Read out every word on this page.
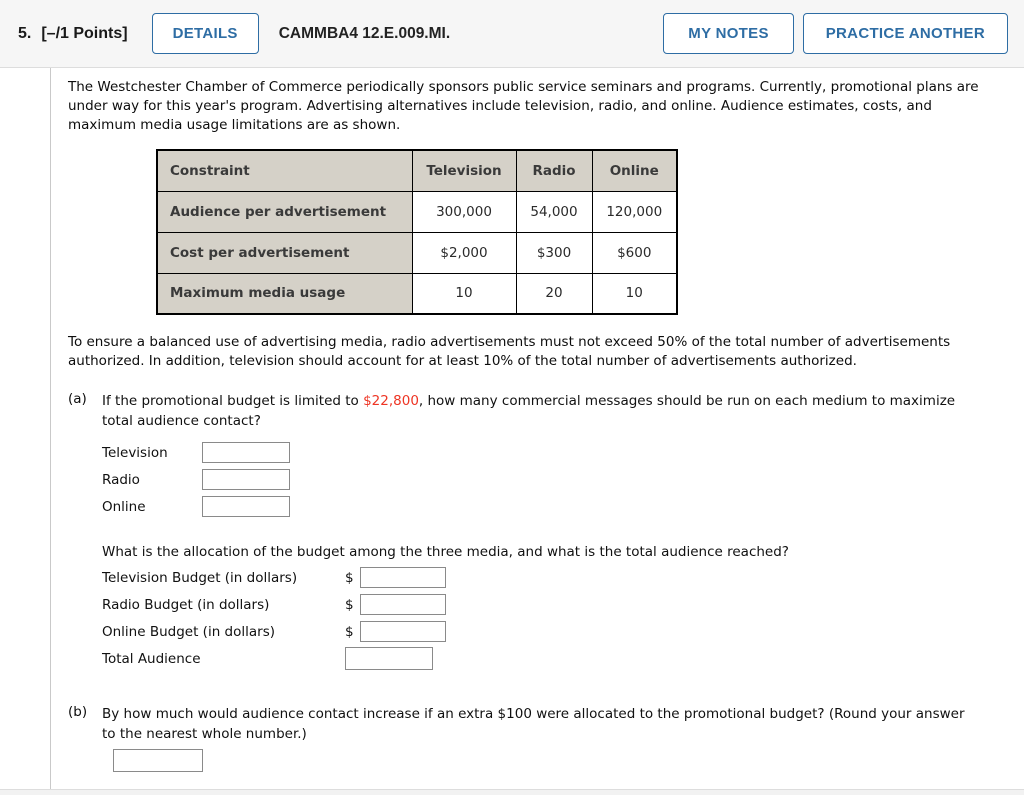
5. [–/1 Points]	DETAILS	CAMMBA4 12.E.009.MI.	MY NOTES	PRACTICE ANOTHER

The Westchester Chamber of Commerce periodically sponsors public service seminars and programs. Currently, promotional plans are under way for this year's program. Advertising alternatives include television, radio, and online. Audience estimates, costs, and maximum media usage limitations are as shown.

Constraint	Television	Radio	Online
Audience per advertisement	300,000	54,000	120,000
Cost per advertisement	$2,000	$300	$600
Maximum media usage	10	20	10

To ensure a balanced use of advertising media, radio advertisements must not exceed 50% of the total number of advertisements authorized. In addition, television should account for at least 10% of the total number of advertisements authorized.

(a)	If the promotional budget is limited to $22,800, how many commercial messages should be run on each medium to maximize total audience contact?
Television
Radio
Online
What is the allocation of the budget among the three media, and what is the total audience reached?
Television Budget (in dollars)	$
Radio Budget (in dollars)	$
Online Budget (in dollars)	$
Total Audience
(b)	By how much would audience contact increase if an extra $100 were allocated to the promotional budget? (Round your answer to the nearest whole number.)
